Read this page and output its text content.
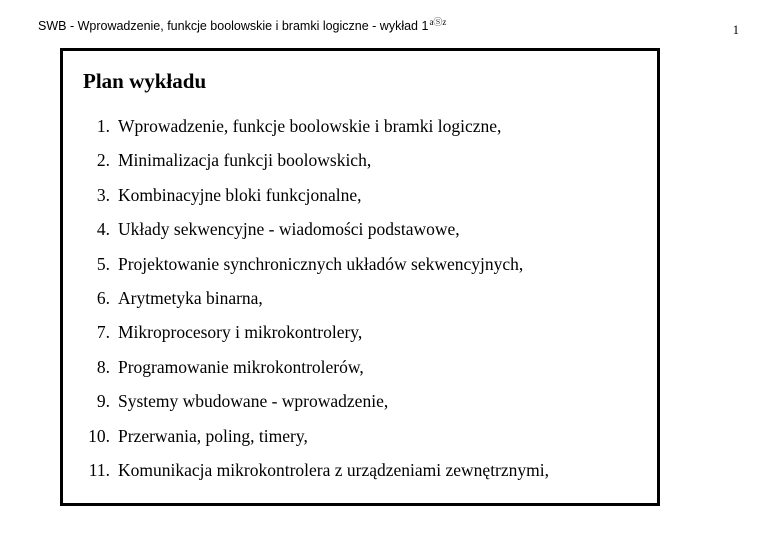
SWB - Wprowadzenie, funkcje boolowskie i bramki logiczne - wykład $1^{aⓈz}$
1
Plan wykładu
1. Wprowadzenie, funkcje boolowskie i bramki logiczne,
2. Minimalizacja funkcji boolowskich,
3. Kombinacyjne bloki funkcjonalne,
4. Układy sekwencyjne - wiadomości podstawowe,
5. Projektowanie synchronicznych układów sekwencyjnych,
6. Arytmetyka binarna,
7. Mikroprocesory i mikrokontrolery,
8. Programowanie mikrokontrolerów,
9. Systemy wbudowane - wprowadzenie,
10. Przerwania, poling, timery,
11. Komunikacja mikrokontrolera z urządzeniami zewnętrznymi,
